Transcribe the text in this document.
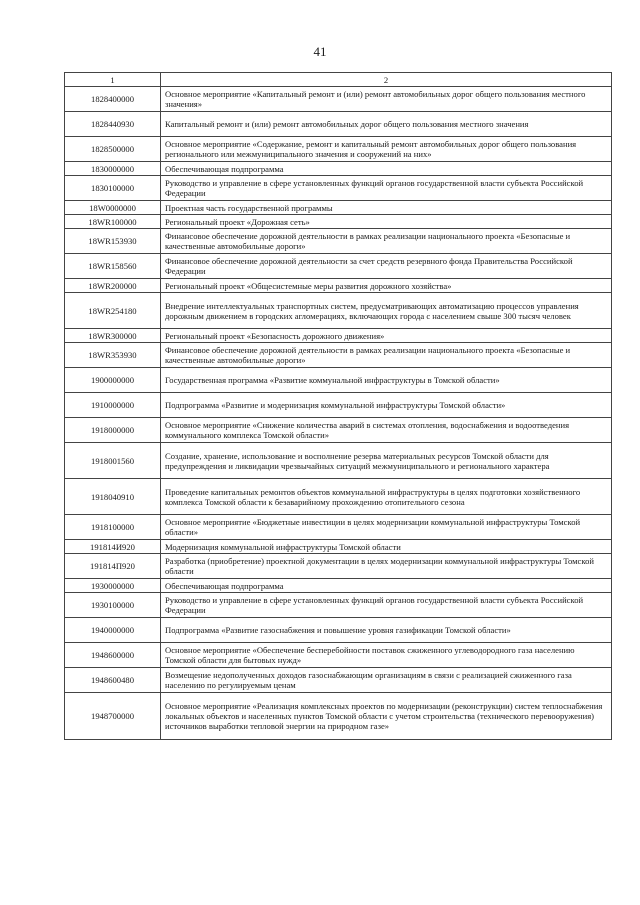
41
1	2
1828400000	Основное мероприятие «Капитальный ремонт и (или) ремонт автомобильных дорог общего пользования местного значения»
1828440930	Капитальный ремонт и (или) ремонт автомобильных дорог общего пользования местного значения
1828500000	Основное мероприятие «Содержание, ремонт и капитальный ремонт автомобильных дорог общего пользования регионального или межмуниципального значения и сооружений на них»
1830000000	Обеспечивающая подпрограмма
1830100000	Руководство и управление в сфере установленных функций органов государственной власти субъекта Российской Федерации
18W0000000	Проектная часть государственной программы
18WR100000	Региональный проект «Дорожная сеть»
18WR153930	Финансовое обеспечение дорожной деятельности в рамках реализации национального проекта «Безопасные и качественные автомобильные дороги»
18WR158560	Финансовое обеспечение дорожной деятельности за счет средств резервного фонда Правительства Российской Федерации
18WR200000	Региональный проект «Общесистемные меры развития дорожного хозяйства»
18WR254180	Внедрение интеллектуальных транспортных систем, предусматривающих автоматизацию процессов управления дорожным движением в городских агломерациях, включающих города с населением свыше 300 тысяч человек
18WR300000	Региональный проект «Безопасность дорожного движения»
18WR353930	Финансовое обеспечение дорожной деятельности в рамках реализации национального проекта «Безопасные и качественные автомобильные дороги»
1900000000	Государственная программа «Развитие коммунальной инфраструктуры в Томской области»
1910000000	Подпрограмма «Развитие и модернизация коммунальной инфраструктуры Томской области»
1918000000	Основное мероприятие «Снижение количества аварий в системах отопления, водоснабжения и водоотведения коммунального комплекса Томской области»
1918001560	Создание, хранение, использование и восполнение резерва материальных ресурсов Томской области для предупреждения и ликвидации чрезвычайных ситуаций межмуниципального и регионального характера
1918040910	Проведение капитальных ремонтов объектов коммунальной инфраструктуры в целях подготовки хозяйственного комплекса Томской области к безаварийному прохождению отопительного сезона
1918100000	Основное мероприятие «Бюджетные инвестиции в целях модернизации коммунальной инфраструктуры Томской области»
191814И920	Модернизация коммунальной инфраструктуры Томской области
191814П920	Разработка (приобретение) проектной документации в целях модернизации коммунальной инфраструктуры Томской области
1930000000	Обеспечивающая подпрограмма
1930100000	Руководство и управление в сфере установленных функций органов государственной власти субъекта Российской Федерации
1940000000	Подпрограмма «Развитие газоснабжения и повышение уровня газификации Томской области»
1948600000	Основное мероприятие «Обеспечение бесперебойности поставок сжиженного углеводородного газа населению Томской области для бытовых нужд»
1948600480	Возмещение недополученных доходов газоснабжающим организациям в связи с реализацией сжиженного газа населению по регулируемым ценам
1948700000	Основное мероприятие «Реализация комплексных проектов по модернизации (реконструкции) систем теплоснабжения локальных объектов и населенных пунктов Томской области с учетом строительства (технического перевооружения) источников выработки тепловой энергии на природном газе»
